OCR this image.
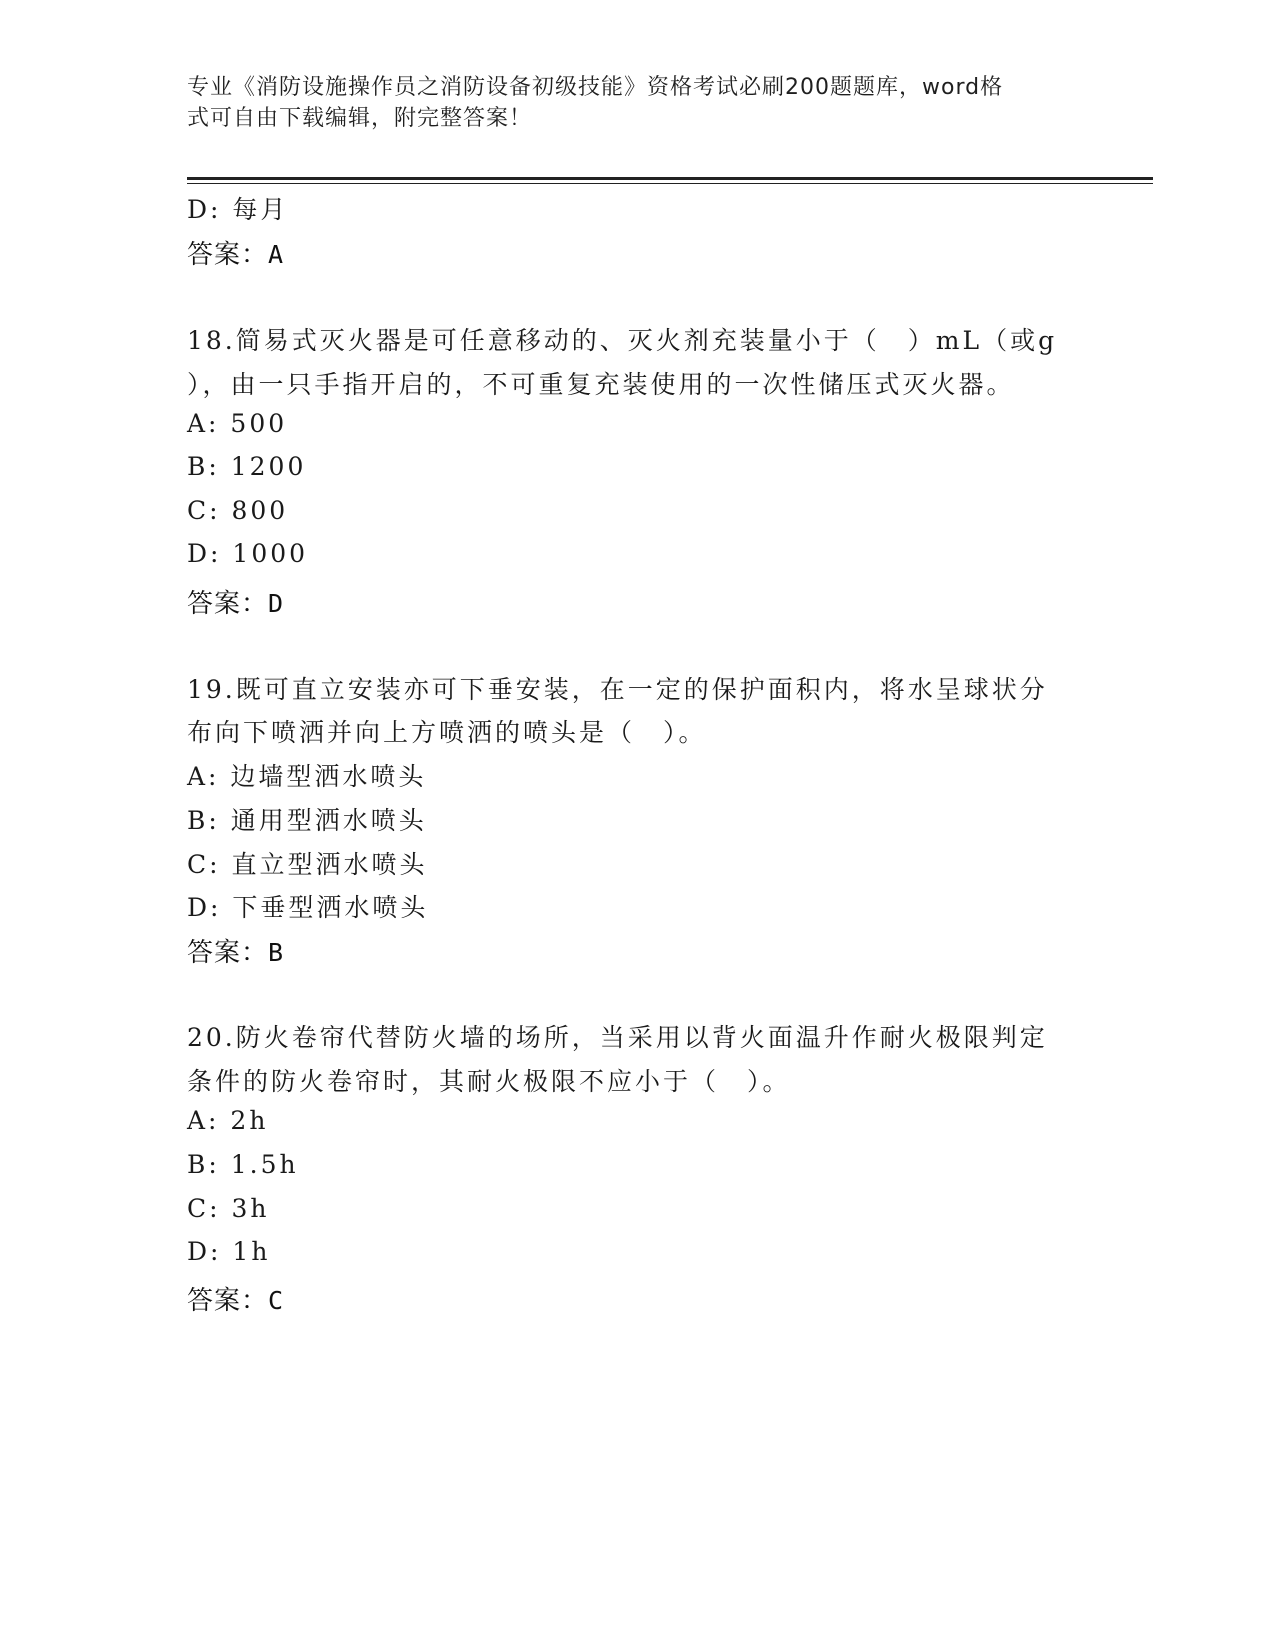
专业《消防设施操作员之消防设备初级技能》资格考试必刷200题题库，word格
式可自由下载编辑，附完整答案！
D: 每月
答案：A
18.简易式灭火器是可任意移动的、灭火剂充装量小于（　）mL（或g
），由一只手指开启的，不可重复充装使用的一次性储压式灭火器。
A: 500
B: 1200
C: 800
D: 1000
答案：D
19.既可直立安装亦可下垂安装，在一定的保护面积内，将水呈球状分
布向下喷洒并向上方喷洒的喷头是（　）。
A: 边墙型洒水喷头
B: 通用型洒水喷头
C: 直立型洒水喷头
D: 下垂型洒水喷头
答案：B
20.防火卷帘代替防火墙的场所，当采用以背火面温升作耐火极限判定
条件的防火卷帘时，其耐火极限不应小于（　）。
A: 2h
B: 1.5h
C: 3h
D: 1h
答案：C
